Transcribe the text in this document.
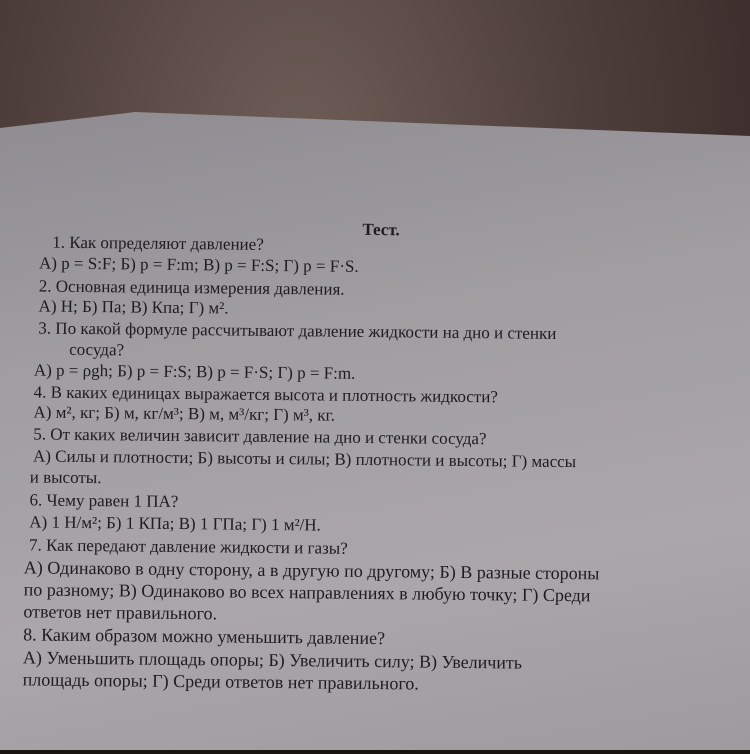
Тест.
1. Как определяют давление?
А) p = S:F; Б) p = F:m; В) p = F:S; Г) p = F·S.
2. Основная единица измерения давления.
А) Н; Б) Па; В) Кпа; Г) м².
3. По какой формуле рассчитывают давление жидкости на дно и стенки
сосуда?
А) p = ρgh; Б) p = F:S; В) p = F·S; Г) p = F:m.
4. В каких единицах выражается высота и плотность жидкости?
А) м², кг; Б) м, кг/м³; В) м, м³/кг; Г) м³, кг.
5. От каких величин зависит давление на дно и стенки сосуда?
А) Силы и плотности; Б) высоты и силы; В) плотности и высоты; Г) массы
и высоты.
6. Чему равен 1 ПА?
А) 1 Н/м²; Б) 1 КПа; В) 1 ГПа; Г) 1 м²/Н.
7. Как передают давление жидкости и газы?
А) Одинаково в одну сторону, а в другую по другому; Б) В разные стороны
по разному; В) Одинаково во всех направлениях в любую точку; Г) Среди
ответов нет правильного.
8. Каким образом можно уменьшить давление?
А) Уменьшить площадь опоры; Б) Увеличить силу; В) Увеличить
площадь опоры; Г) Среди ответов нет правильного.
